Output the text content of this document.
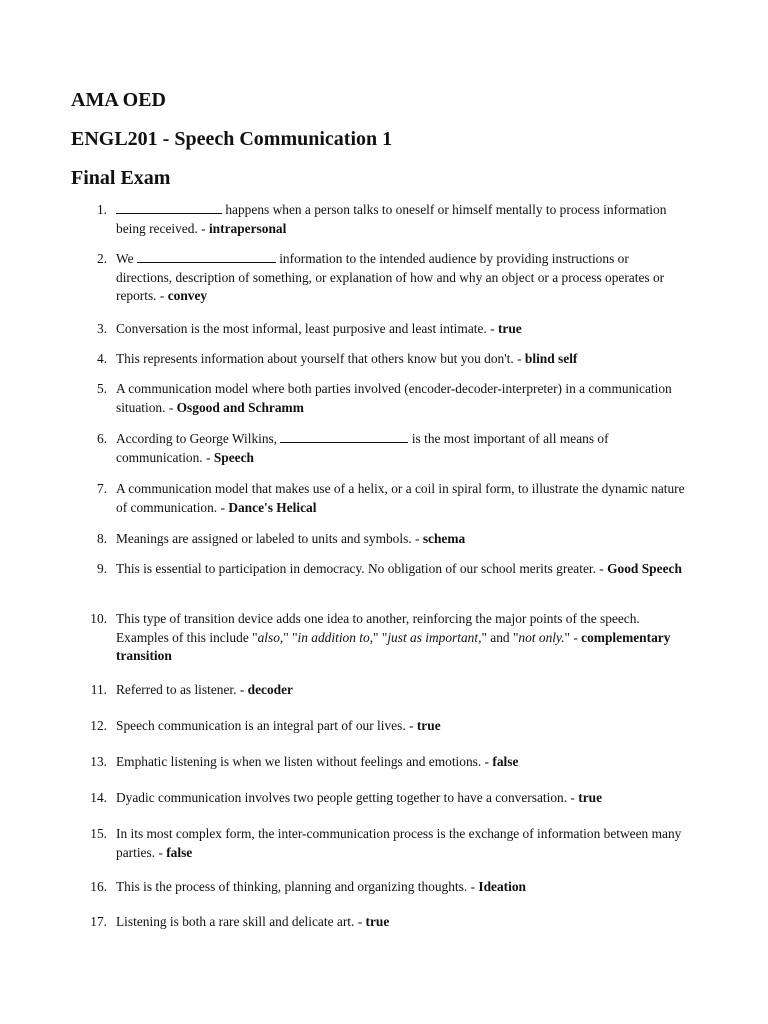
AMA OED
ENGL201 - Speech Communication 1
Final Exam
1.	happens when a person talks to oneself or himself mentally to process information being received. - intrapersonal
2. We	information to the intended audience by providing instructions or directions, description of something, or explanation of how and why an object or a process operates or reports. - convey
3. Conversation is the most informal, least purposive and least intimate. - true
4. This represents information about yourself that others know but you don't. - blind self
5. A communication model where both parties involved (encoder-decoder-interpreter) in a communication situation. - Osgood and Schramm
6. According to George Wilkins,	is the most important of all means of communication. - Speech
7. A communication model that makes use of a helix, or a coil in spiral form, to illustrate the dynamic nature of communication. - Dance's Helical
8. Meanings are assigned or labeled to units and symbols. - schema
9. This is essential to participation in democracy. No obligation of our school merits greater. - Good Speech
10. This type of transition device adds one idea to another, reinforcing the major points of the speech. Examples of this include "also," "in addition to," "just as important," and "not only." - complementary transition
11. Referred to as listener. - decoder
12. Speech communication is an integral part of our lives. - true
13. Emphatic listening is when we listen without feelings and emotions. - false
14. Dyadic communication involves two people getting together to have a conversation. - true
15. In its most complex form, the inter-communication process is the exchange of information between many parties. - false
16. This is the process of thinking, planning and organizing thoughts. - Ideation
17. Listening is both a rare skill and delicate art. - true
